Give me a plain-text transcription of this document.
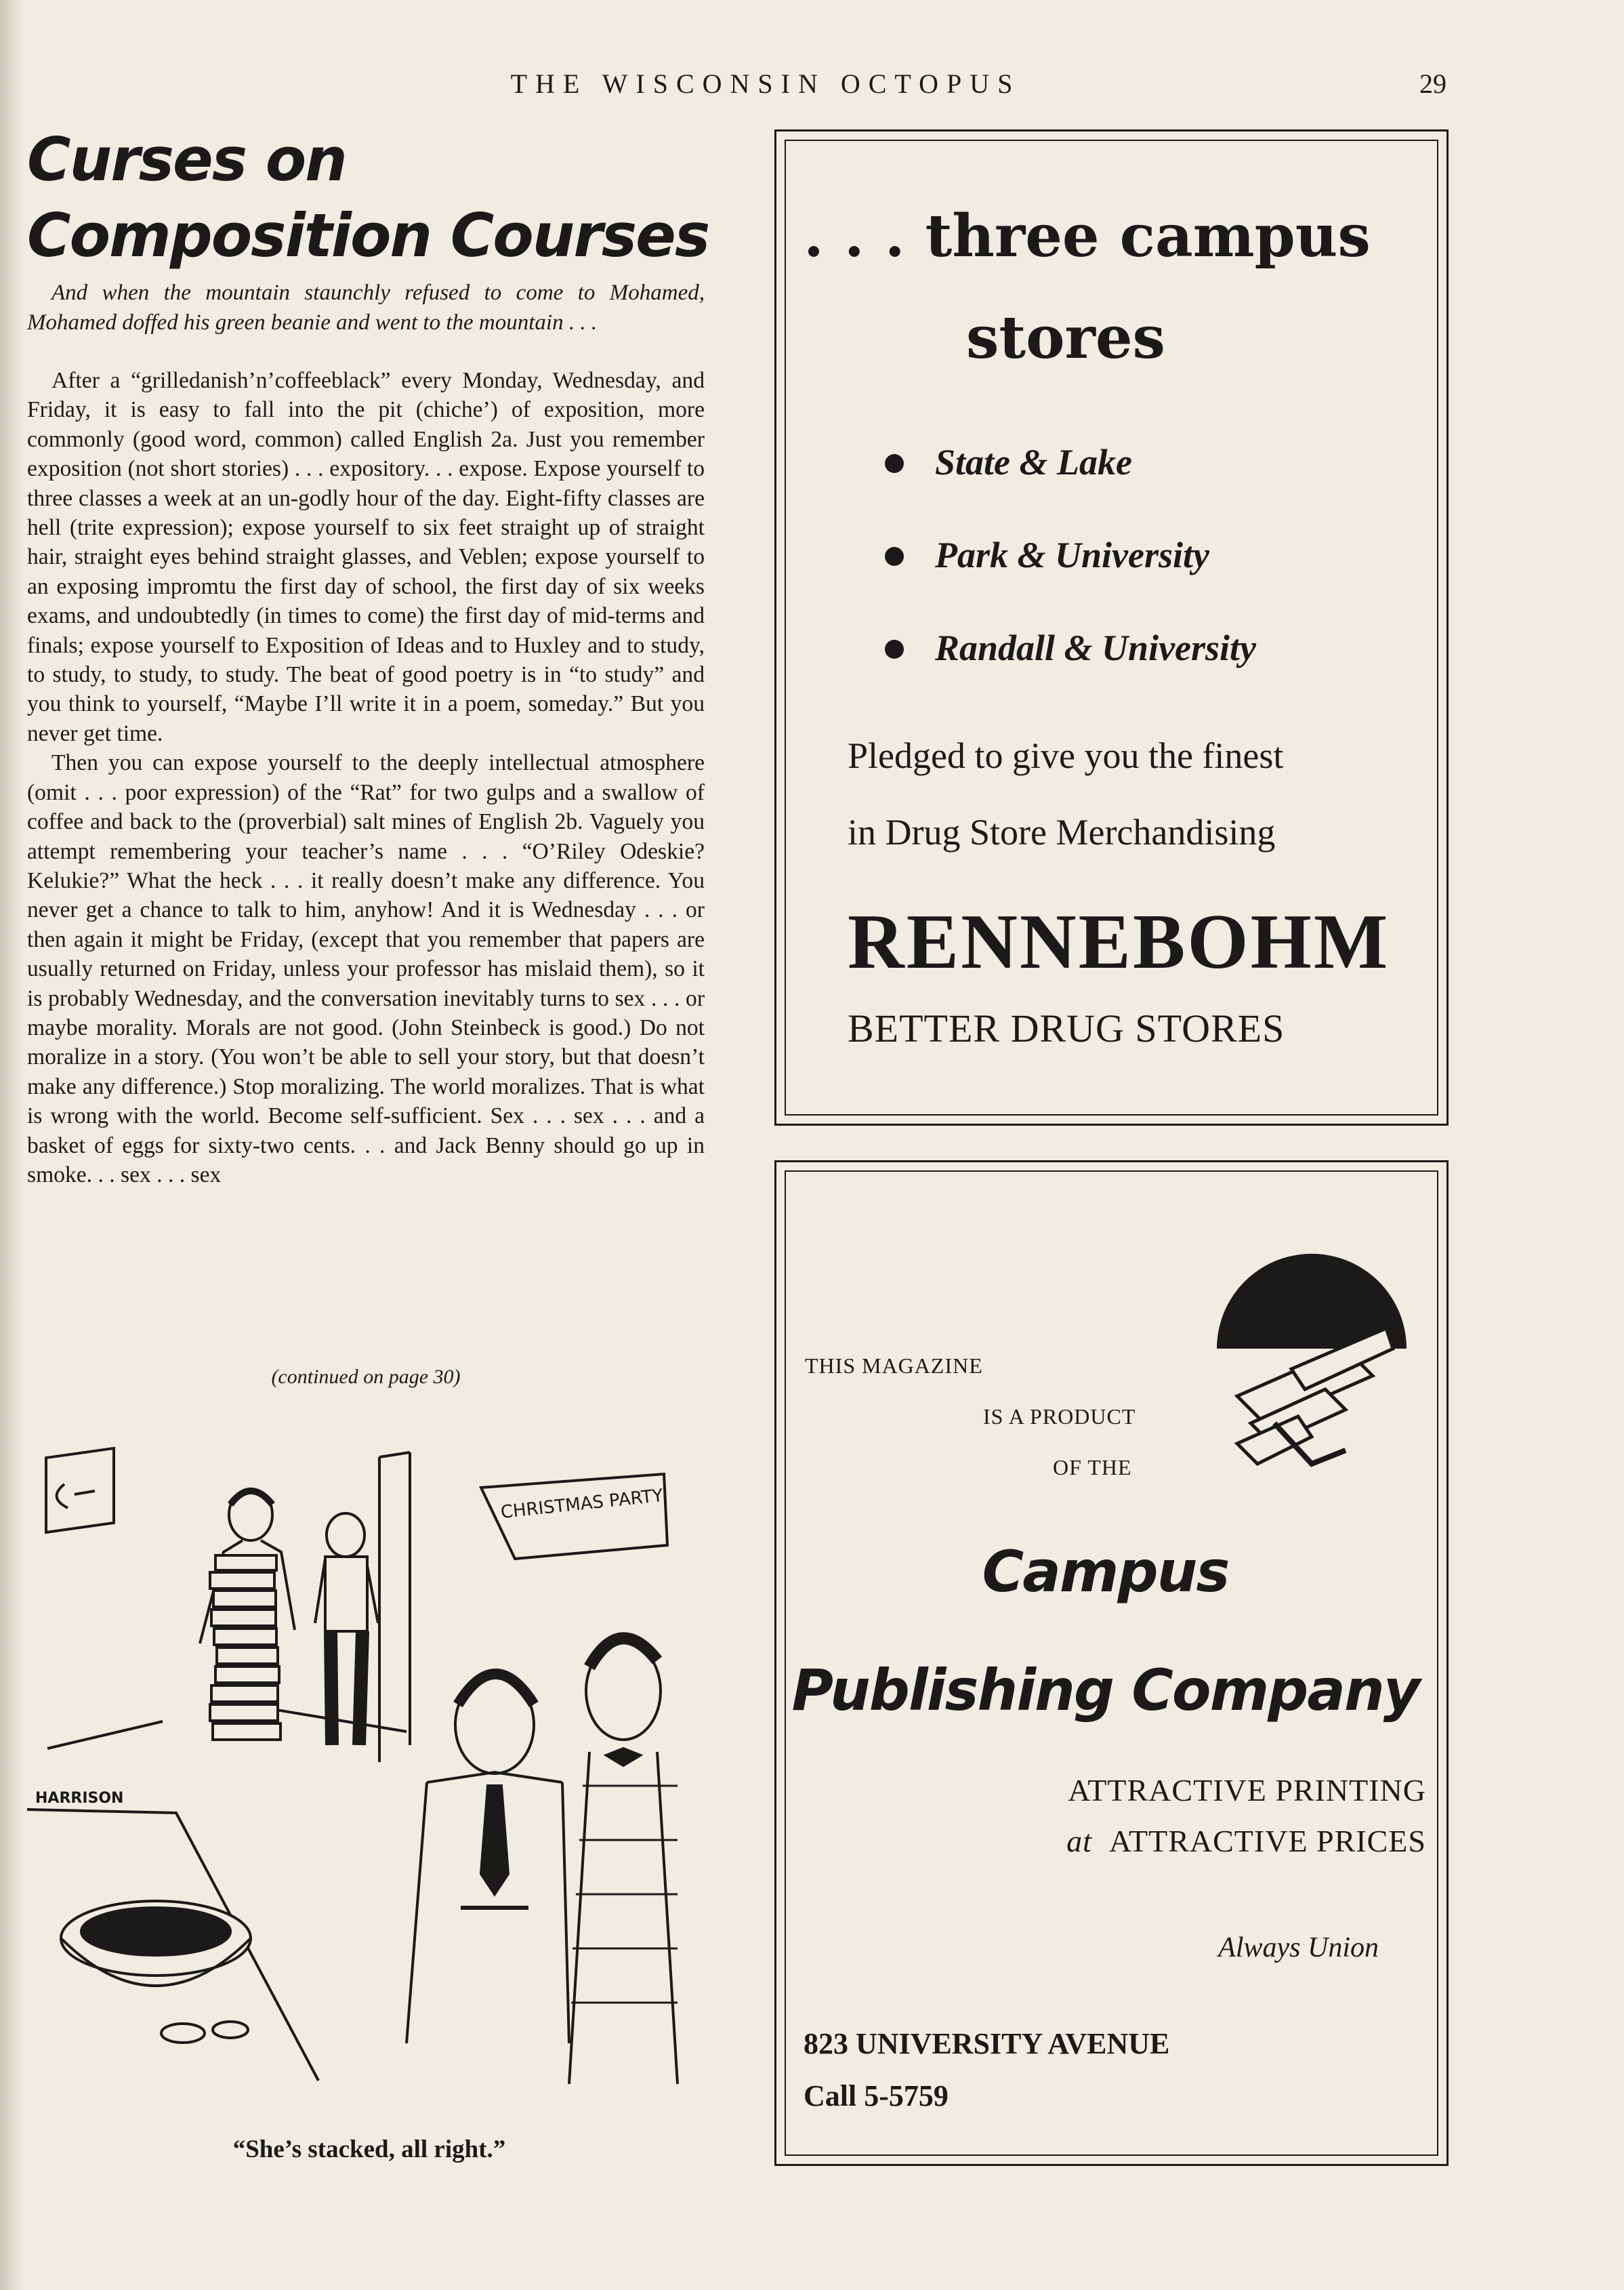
THE WISCONSIN OCTOPUS	29
Curses on
Composition Courses

And when the mountain staunchly refused to come to Mohamed, Mohamed doffed his green beanie and went to the mountain . . .

After a “grilledanish’n’coffeeblack” every Monday, Wednesday, and Friday, it is easy to fall into the pit (chiche’) of exposition, more commonly (good word, common) called English 2a. Just you remember exposition (not short stories) . . . expository. . . expose. Expose yourself to three classes a week at an un-godly hour of the day. Eight-fifty classes are hell (trite expression); expose yourself to six feet straight up of straight hair, straight eyes behind straight glasses, and Veblen; expose yourself to an exposing impromtu the first day of school, the first day of six weeks exams, and undoubtedly (in times to come) the first day of mid-terms and finals; expose yourself to Exposition of Ideas and to Huxley and to study, to study, to study, to study. The beat of good poetry is in “to study” and you think to yourself, “Maybe I’ll write it in a poem, someday.” But you never get time.

Then you can expose yourself to the deeply intellectual atmosphere (omit . . . poor expression) of the “Rat” for two gulps and a swallow of coffee and back to the (proverbial) salt mines of English 2b. Vaguely you attempt remembering your teacher’s name . . . “O’Riley Odeskie? Kelukie?” What the heck . . . it really doesn’t make any difference. You never get a chance to talk to him, anyhow! And it is Wednesday . . . or then again it might be Friday, (except that you remember that papers are usually returned on Friday, unless your professor has mislaid them), so it is probably Wednesday, and the conversation inevitably turns to sex . . . or maybe morality. Morals are not good. (John Steinbeck is good.) Do not moralize in a story. (You won’t be able to sell your story, but that doesn’t make any difference.) Stop moralizing. The world moralizes. That is what is wrong with the world. Become self-sufficient. Sex . . . sex . . . and a basket of eggs for sixty-two cents. . . and Jack Benny should go up in smoke. . . sex . . . sex

(continued on page 30)

CHRISTMAS PARTY
HARRISON

“She’s stacked, all right.”

. . . three campus
stores
State & Lake
Park & University
Randall & University

Pledged to give you the finest
in Drug Store Merchandising

RENNEBOHM

BETTER DRUG STORES

THIS MAGAZINE

IS A PRODUCT

OF THE

Campus

Publishing Company

ATTRACTIVE PRINTING

at ATTRACTIVE PRICES

Always Union

823 UNIVERSITY AVENUE

Call 5-5759
